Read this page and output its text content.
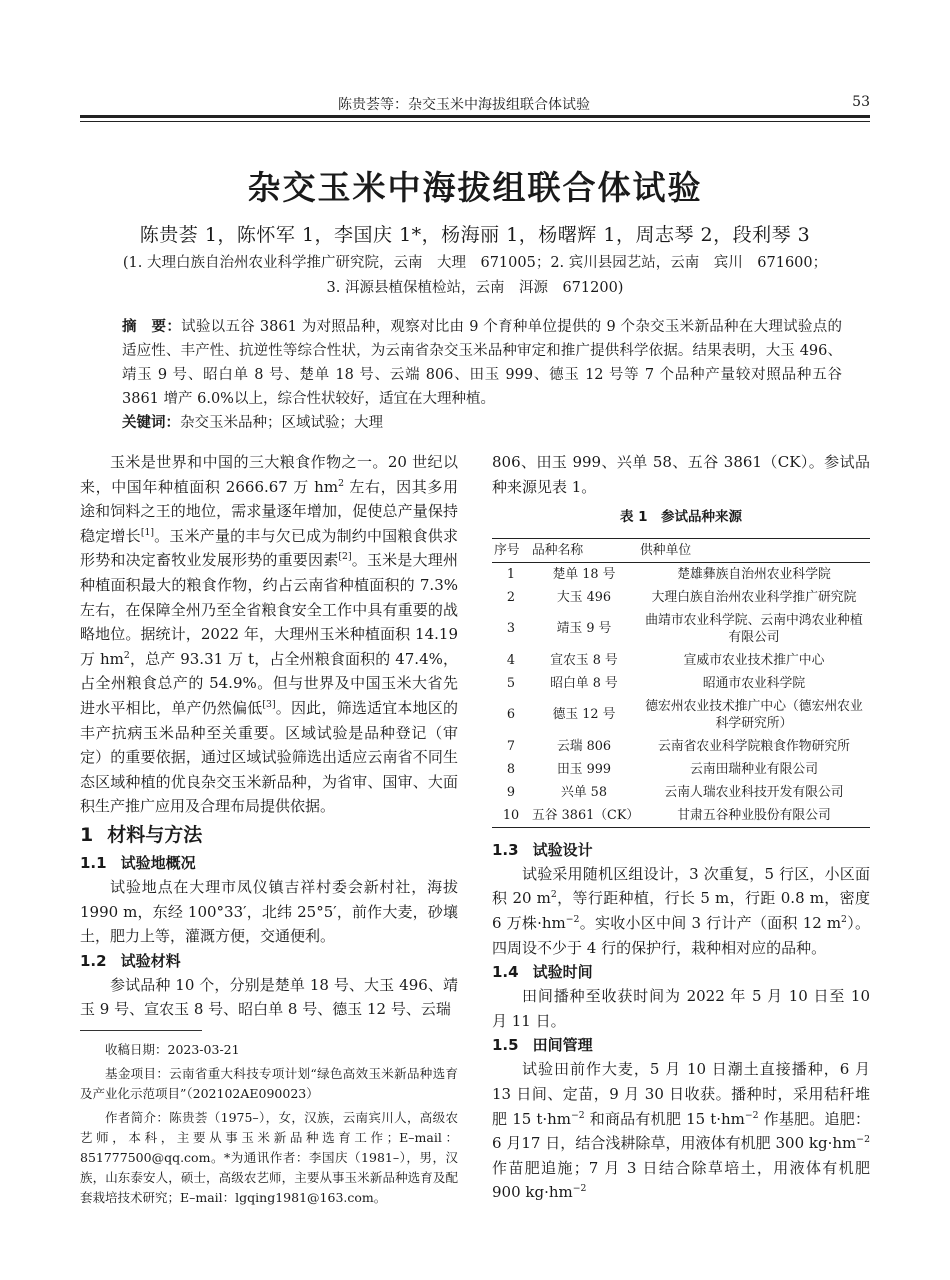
陈贵荟等：杂交玉米中海拔组联合体试验	53
杂交玉米中海拔组联合体试验
陈贵荟 1，陈怀军 1，李国庆 1*，杨海丽 1，杨曙辉 1，周志琴 2，段利琴 3
(1. 大理白族自治州农业科学推广研究院，云南　大理　671005；2. 宾川县园艺站，云南　宾川　671600；
3. 洱源县植保植检站，云南　洱源　671200)
摘　要：试验以五谷 3861 为对照品种，观察对比由 9 个育种单位提供的 9 个杂交玉米新品种在大理试验点的适应性、丰产性、抗逆性等综合性状，为云南省杂交玉米品种审定和推广提供科学依据。结果表明，大玉 496、靖玉 9 号、昭白单 8 号、楚单 18 号、云端 806、田玉 999、德玉 12 号等 7 个品种产量较对照品种五谷 3861 增产 6.0%以上，综合性状较好，适宜在大理种植。
关键词：杂交玉米品种；区域试验；大理

玉米是世界和中国的三大粮食作物之一。20 世纪以来，中国年种植面积 2666.67 万 $hm^2$ 左右，因其多用途和饲料之王的地位，需求量逐年增加，促使总产量保持稳定增长[1]。玉米产量的丰与欠已成为制约中国粮食供求形势和决定畜牧业发展形势的重要因素[2]。玉米是大理州种植面积最大的粮食作物，约占云南省种植面积的 7.3%左右，在保障全州乃至全省粮食安全工作中具有重要的战略地位。据统计，2022 年，大理州玉米种植面积 14.19 万 $hm^2$，总产 93.31 万 t，占全州粮食面积的 47.4%，占全州粮食总产的 54.9%。但与世界及中国玉米大省先进水平相比，单产仍然偏低[3]。因此，筛选适宜本地区的丰产抗病玉米品种至关重要。区域试验是品种登记（审定）的重要依据，通过区域试验筛选出适应云南省不同生态区域种植的优良杂交玉米新品种，为省审、国审、大面积生产推广应用及合理布局提供依据。

1 材料与方法
1.1 试验地概况

试验地点在大理市凤仪镇吉祥村委会新村社，海拔 1990 m，东经 100°33′，北纬 25°5′，前作大麦，砂壤土，肥力上等，灌溉方便，交通便利。

1.2 试验材料

参试品种 10 个，分别是楚单 18 号、大玉 496、靖玉 9 号、宣农玉 8 号、昭白单 8 号、德玉 12 号、云瑞

收稿日期：2023-03-21

基金项目：云南省重大科技专项计划“绿色高效玉米新品种选育及产业化示范项目”（202102AE090023）

作者简介：陈贵荟（1975–），女，汉族，云南宾川人，高级农艺师，本科，主要从事玉米新品种选育工作；E–mail：851777500@qq.com。*为通讯作者：李国庆（1981–），男，汉族，山东泰安人，硕士，高级农艺师，主要从事玉米新品种选育及配套栽培技术研究；E–mail：lgqing1981@163.com。

806、田玉 999、兴单 58、五谷 3861（CK）。参试品种来源见表 1。

表 1　参试品种来源
序号	品种名称	供种单位
1	楚单 18 号	楚雄彝族自治州农业科学院
2	大玉 496	大理白族自治州农业科学推广研究院
3	靖玉 9 号	曲靖市农业科学院、云南中鸿农业种植有限公司
4	宣农玉 8 号	宣威市农业技术推广中心
5	昭白单 8 号	昭通市农业科学院
6	德玉 12 号	德宏州农业技术推广中心（德宏州农业科学研究所）
7	云瑞 806	云南省农业科学院粮食作物研究所
8	田玉 999	云南田瑞种业有限公司
9	兴单 58	云南人瑞农业科技开发有限公司
10	五谷 3861（CK）	甘肃五谷种业股份有限公司
1.3 试验设计

试验采用随机区组设计，3 次重复，5 行区，小区面积 20 $m^2$，等行距种植，行长 5 m，行距 0.8 m，密度 6 万株$\cdot hm^{-2}$。实收小区中间 3 行计产（面积 12 $m^2$）。四周设不少于 4 行的保护行，栽种相对应的品种。

1.4 试验时间

田间播种至收获时间为 2022 年 5 月 10 日至 10 月 11 日。

1.5 田间管理

试验田前作大麦，5 月 10 日潮土直接播种，6 月 13 日间、定苗，9 月 30 日收获。播种时，采用秸秆堆肥 15 $t\cdot hm^{-2}$ 和商品有机肥 15 $t\cdot hm^{-2}$ 作基肥。追肥：6 月17 日，结合浅耕除草，用液体有机肥 300 $kg\cdot hm^{-2}$ 作苗肥追施；7 月 3 日结合除草培土，用液体有机肥 900 $kg\cdot hm^{-2}$
